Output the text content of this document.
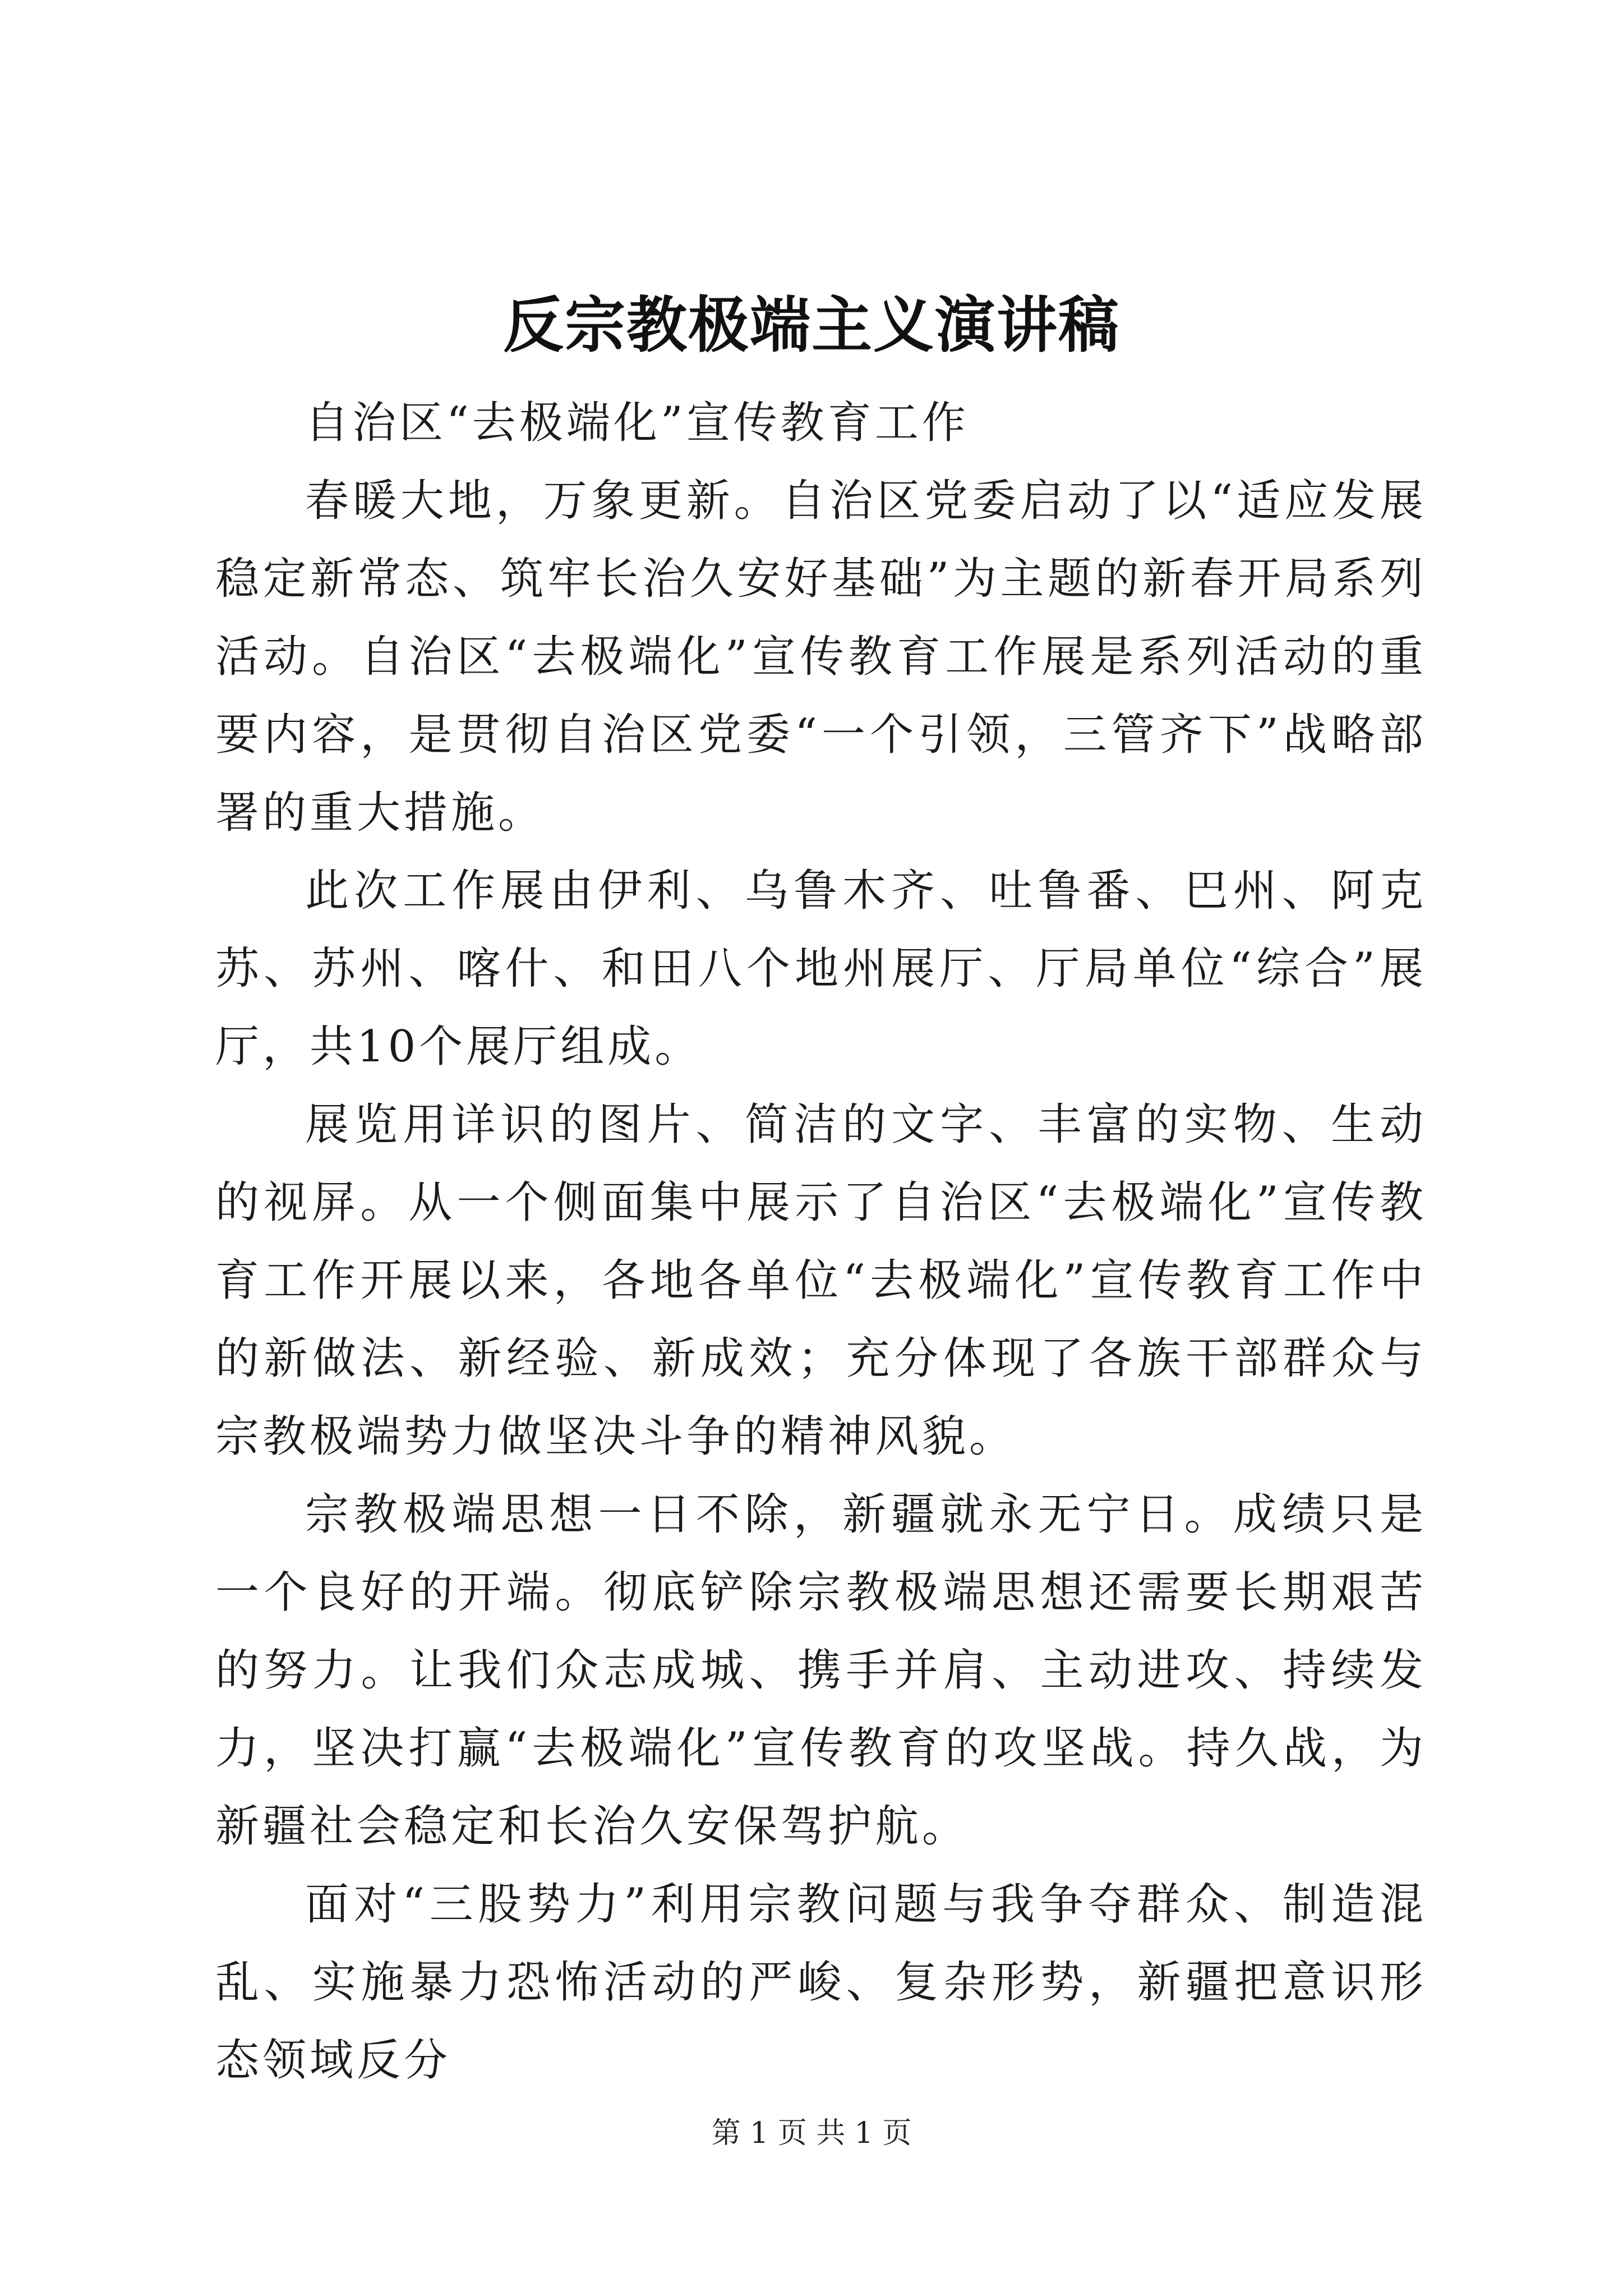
反宗教极端主义演讲稿

自治区“去极端化”宣传教育工作

春暖大地，万象更新。自治区党委启动了以“适应发展稳定新常态、筑牢长治久安好基础”为主题的新春开局系列活动。自治区“去极端化”宣传教育工作展是系列活动的重要内容，是贯彻自治区党委“一个引领，三管齐下”战略部署的重大措施。

此次工作展由伊利、乌鲁木齐、吐鲁番、巴州、阿克苏、苏州、喀什、和田八个地州展厅、厅局单位“综合”展厅，共10个展厅组成。

展览用详识的图片、简洁的文字、丰富的实物、生动的视屏。从一个侧面集中展示了自治区“去极端化”宣传教育工作开展以来，各地各单位“去极端化”宣传教育工作中的新做法、新经验、新成效；充分体现了各族干部群众与宗教极端势力做坚决斗争的精神风貌。

宗教极端思想一日不除，新疆就永无宁日。成绩只是一个良好的开端。彻底铲除宗教极端思想还需要长期艰苦的努力。让我们众志成城、携手并肩、主动进攻、持续发力，坚决打赢“去极端化”宣传教育的攻坚战。持久战，为新疆社会稳定和长治久安保驾护航。

面对“三股势力”利用宗教问题与我争夺群众、制造混乱、实施暴力恐怖活动的严峻、复杂形势，新疆把意识形态领域反分

第 1 页 共 1 页
